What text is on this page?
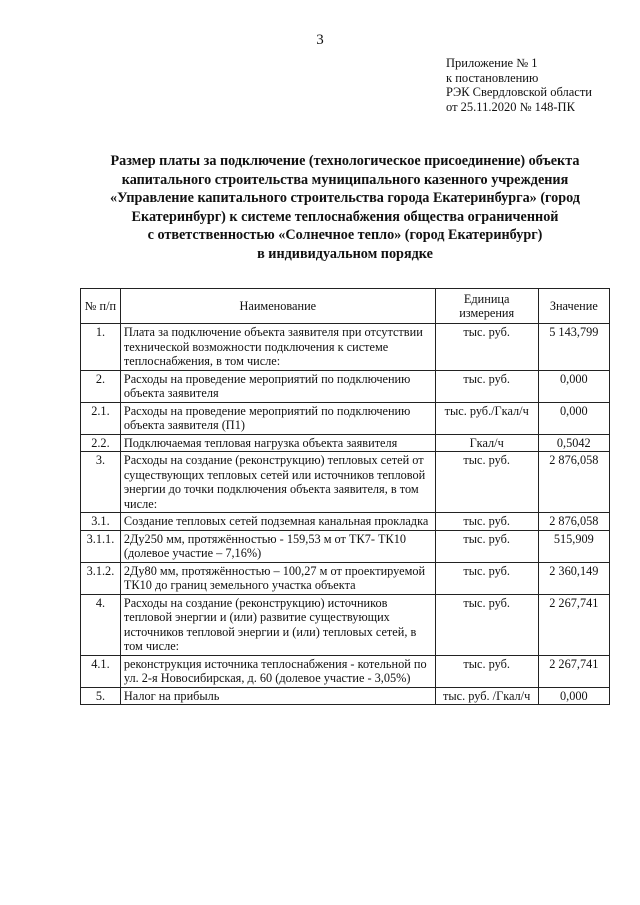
3
Приложение № 1
к постановлению
РЭК Свердловской области
от 25.11.2020 № 148-ПК
Размер платы за подключение (технологическое присоединение) объекта
капитального строительства муниципального казенного учреждения
«Управление капитального строительства города Екатеринбурга» (город
Екатеринбург) к системе теплоснабжения общества ограниченной
с ответственностью «Солнечное тепло» (город Екатеринбург)
в индивидуальном порядке
№ п/п	Наименование	Единица измерения	Значение
1.	Плата за подключение объекта заявителя при отсутствии технической возможности подключения к системе теплоснабжения, в том числе:	тыс. руб.	5 143,799
2.	Расходы на проведение мероприятий по подключению объекта заявителя	тыс. руб.	0,000
2.1.	Расходы на проведение мероприятий по подключению объекта заявителя (П1)	тыс. руб./Гкал/ч	0,000
2.2.	Подключаемая тепловая нагрузка объекта заявителя	Гкал/ч	0,5042
3.	Расходы на создание (реконструкцию) тепловых сетей от существующих тепловых сетей или источников тепловой энергии до точки подключения объекта заявителя, в том числе:	тыс. руб.	2 876,058
3.1.	Создание тепловых сетей подземная канальная прокладка	тыс. руб.	2 876,058
3.1.1.	2Ду250 мм, протяжённостью - 159,53 м от ТК7- ТК10 (долевое участие – 7,16%)	тыс. руб.	515,909
3.1.2.	2Ду80 мм, протяжённостью – 100,27 м от проектируемой ТК10 до границ земельного участка объекта	тыс. руб.	2 360,149
4.	Расходы на создание (реконструкцию) источников тепловой энергии и (или) развитие существующих источников тепловой энергии и (или) тепловых сетей, в том числе:	тыс. руб.	2 267,741
4.1.	реконструкция источника теплоснабжения - котельной по ул. 2-я Новосибирская, д. 60 (долевое участие - 3,05%)	тыс. руб.	2 267,741
5.	Налог на прибыль	тыс. руб. /Гкал/ч	0,000
